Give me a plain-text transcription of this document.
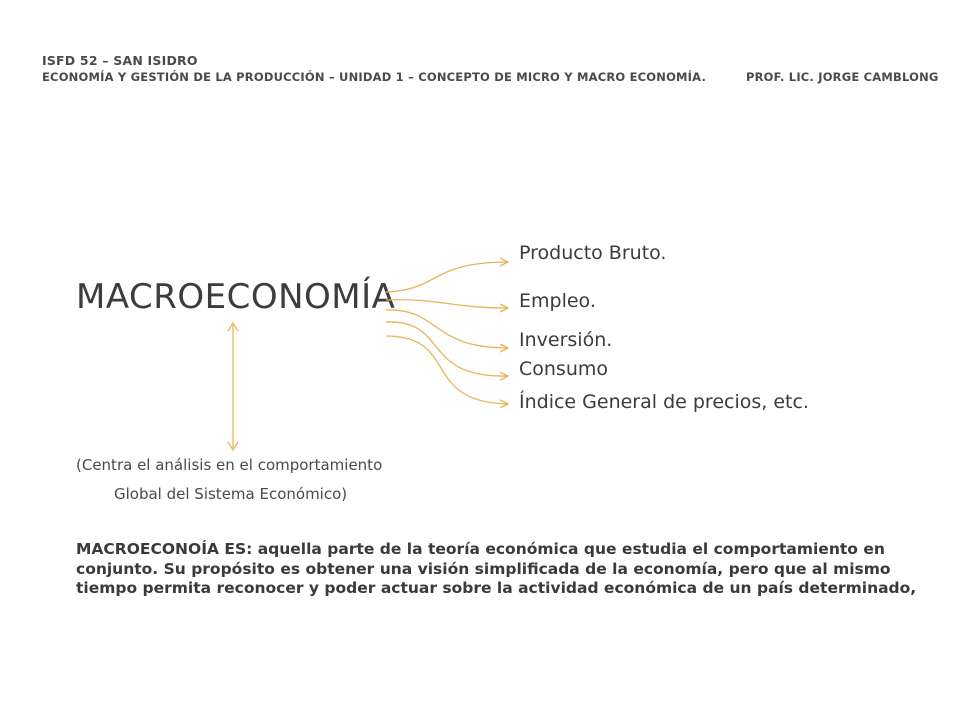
ISFD 52 – SAN ISIDRO
ECONOMÍA Y GESTIÓN DE LA PRODUCCIÓN – UNIDAD 1 – CONCEPTO DE MICRO Y MACRO ECONOMÍA.	PROF. LIC. JORGE CAMBLONG
MACROECONOMÍA
Producto Bruto.
Empleo.
Inversión.
Consumo
Índice General de precios, etc.
(Centra el análisis en el comportamiento
Global del Sistema Económico)
MACROECONOÍA ES: aquella parte de la teoría económica que estudia el comportamiento en conjunto. Su propósito es obtener una visión simplificada de la economía, pero que al mismo tiempo permita reconocer y poder actuar sobre la actividad económica de un país determinado,
